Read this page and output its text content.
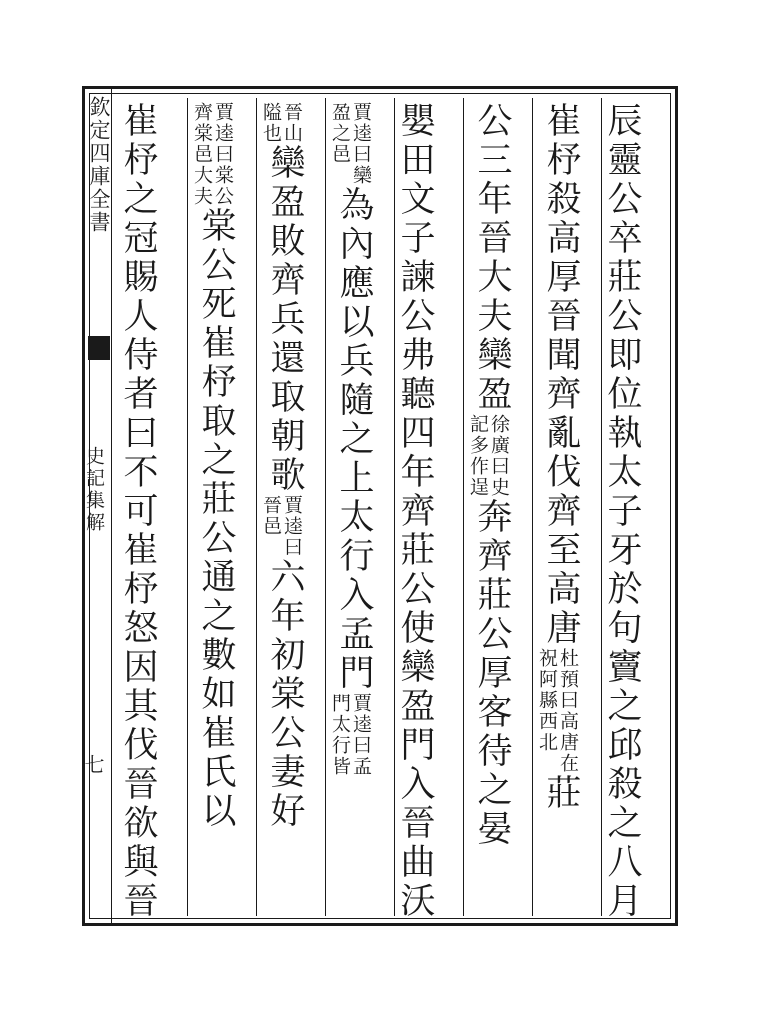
欽定四庫全書
史記集解
七	辰靈公卒莊公即位執太子牙於句竇之邱殺之八月
崔杼殺高厚晉聞齊亂伐齊至高唐
杜預曰高唐在
祝阿縣西北
莊
公三年晉大夫欒盈
徐廣曰史
記多作逞
奔齊莊公厚客待之晏
嬰田文子諫公弗聽四年齊莊公使欒盈門入晉曲沃
賈逵曰欒
盈之邑
為內應以兵隨之上太行入孟門
賈逵曰孟
門太行皆
晉山
隘也
欒盈敗齊兵還取朝歌
賈逵曰
晉邑
六年初棠公妻好
賈逵曰棠公
齊棠邑大夫
棠公死崔杼取之莊公通之數如崔氏以
崔杼之冠賜人侍者曰不可崔杼怒因其伐晉欲與晉
